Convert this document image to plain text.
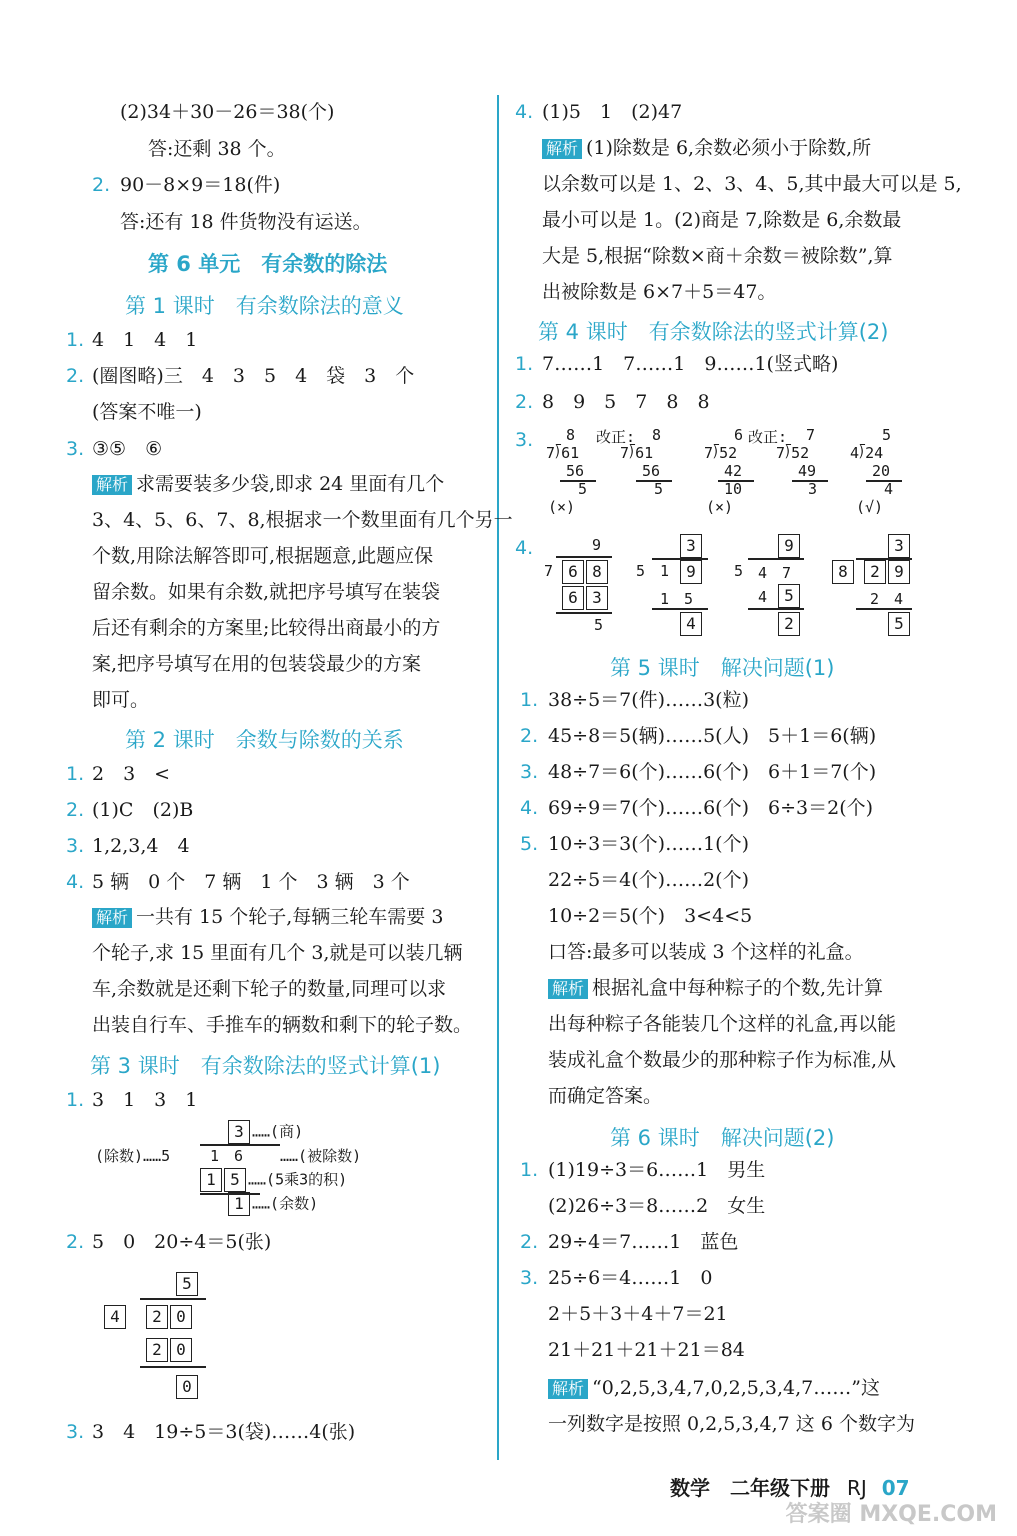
(2)34＋30－26＝38(个)
答:还剩 38 个。
2. 90－8×9＝18(件)
答:还有 18 件货物没有运送。
第 6 单元　有余数的除法
第 1 课时　有余数除法的意义
1. 4　1　4　1
2. (圈图略)三　4　3　5　4　袋　3　个
(答案不唯一)
3. ③⑤　⑥
解析 求需要装多少袋,即求 24 里面有几个
3、4、5、6、7、8,根据求一个数里面有几个另一
个数,用除法解答即可,根据题意,此题应保
留余数。如果有余数,就把序号填写在装袋
后还有剩余的方案里;比较得出商最小的方
案,把序号填写在用的包装袋最少的方案
即可。
第 2 课时　余数与除数的关系
1. 2　3　<
2. (1)C　(2)B
3. 1,2,3,4　4
4. 5 辆　0 个　7 辆　1 个　3 辆　3 个
解析 一共有 15 个轮子,每辆三轮车需要 3
个轮子,求 15 里面有几个 3,就是可以装几辆
车,余数就是还剩下轮子的数量,同理可以求
出装自行车、手推车的辆数和剩下的轮子数。
第 3 课时　有余数除法的竖式计算(1)
1. 3　1　3　1
3 ……(商)
(除数)……5	1　6 ……(被除数)
1 5 ……(5乘3的积)
1 ……(余数)
2. 5　0　20÷4＝5(张)
5
4	2 0
2 0
0
3. 3　4　19÷5＝3(袋)……4(张)
4. (1)5　1　(2)47
解析 (1)除数是 6,余数必须小于除数,所
以余数可以是 1、2、3、4、5,其中最大可以是 5,
最小可以是 1。(2)商是 7,除数是 6,余数最
大是 5,根据“除数×商＋余数＝被除数”,算
出被除数是 6×7＋5＝47。
第 4 课时　有余数除法的竖式计算(2)
1. 7……1　7……1　9……1(竖式略)
2. 8　9　5　7　8　8
3. 8 改正: 8
7⟌61	7⟌61
56	56
5	5
(×)
6 改正: 7
7⟌52	7⟌52
42	49
10	3
(×)
5
4⟌24
20
4
(√)
4.	9
7 6 8
6 3
5
3
5 1	9
1　5
4
9
5 4　7
4	5
2
3
8	2 9
2　4
5
第 5 课时　解决问题(1)
1. 38÷5＝7(件)……3(粒)
2. 45÷8＝5(辆)……5(人)　5＋1＝6(辆)
3. 48÷7＝6(个)……6(个)　6＋1＝7(个)
4. 69÷9＝7(个)……6(个)　6÷3＝2(个)
5. 10÷3＝3(个)……1(个)
22÷5＝4(个)……2(个)
10÷2＝5(个)　3<4<5
口答:最多可以装成 3 个这样的礼盒。
解析 根据礼盒中每种粽子的个数,先计算
出每种粽子各能装几个这样的礼盒,再以能
装成礼盒个数最少的那种粽子作为标准,从
而确定答案。
第 6 课时　解决问题(2)
1. (1)19÷3＝6……1　男生
(2)26÷3＝8……2　女生
2. 29÷4＝7……1　蓝色
3. 25÷6＝4……1　0
2＋5＋3＋4＋7＝21
21＋21＋21＋21＝84
解析 “0,2,5,3,4,7,0,2,5,3,4,7……”这
一列数字是按照 0,2,5,3,4,7 这 6 个数字为
数学　二年级下册 RJ 07
答案圈 MXQE.COM
